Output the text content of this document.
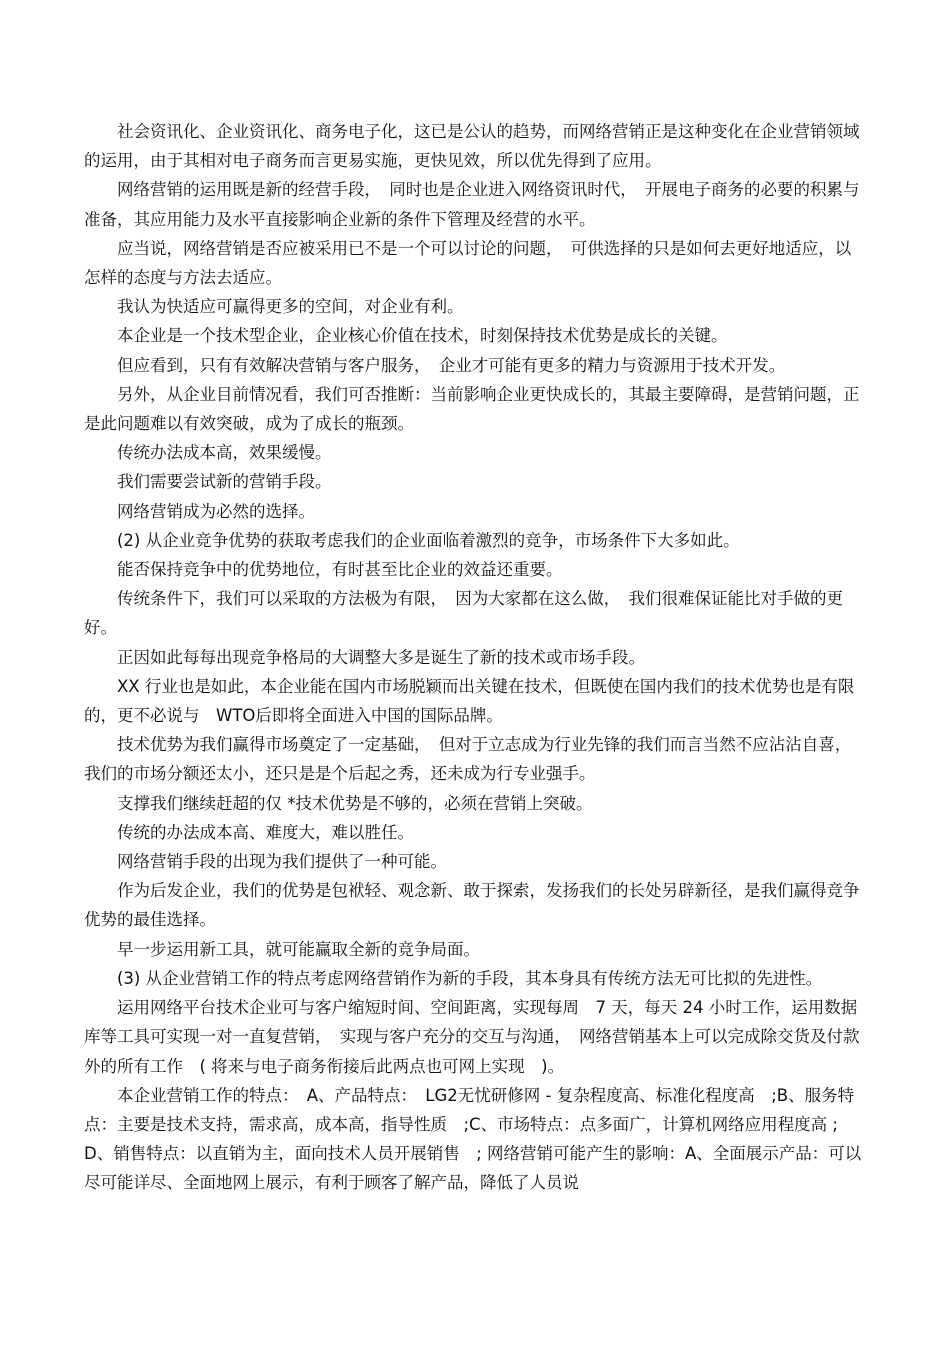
社会资讯化、企业资讯化、商务电子化，这已是公认的趋势，而网络营销正是这种变化在企业营销领域的运用，由于其相对电子商务而言更易实施，更快见效，所以优先得到了应用。

网络营销的运用既是新的经营手段，　同时也是企业进入网络资讯时代，　开展电子商务的必要的积累与准备，其应用能力及水平直接影响企业新的条件下管理及经营的水平。

应当说，网络营销是否应被采用已不是一个可以讨论的问题，　可供选择的只是如何去更好地适应，以怎样的态度与方法去适应。

我认为快适应可赢得更多的空间，对企业有利。

本企业是一个技术型企业，企业核心价值在技术，时刻保持技术优势是成长的关键。

但应看到，只有有效解决营销与客户服务，　企业才可能有更多的精力与资源用于技术开发。

另外，从企业目前情况看，我们可否推断：当前影响企业更快成长的，其最主要障碍，是营销问题，正是此问题难以有效突破，成为了成长的瓶颈。

传统办法成本高，效果缓慢。

我们需要尝试新的营销手段。

网络营销成为必然的选择。

(2) 从企业竞争优势的获取考虑我们的企业面临着激烈的竞争，市场条件下大多如此。

能否保持竞争中的优势地位，有时甚至比企业的效益还重要。

传统条件下，我们可以采取的方法极为有限，　因为大家都在这么做，　我们很难保证能比对手做的更好。

正因如此每每出现竞争格局的大调整大多是诞生了新的技术或市场手段。

XX 行业也是如此，本企业能在国内市场脱颖而出关键在技术，但既使在国内我们的技术优势也是有限的，更不必说与　WTO后即将全面进入中国的国际品牌。

技术优势为我们赢得市场奠定了一定基础，　但对于立志成为行业先锋的我们而言当然不应沾沾自喜，我们的市场分额还太小，还只是是个后起之秀，还未成为行专业强手。

支撑我们继续赶超的仅 *技术优势是不够的，必须在营销上突破。

传统的办法成本高、难度大，难以胜任。

网络营销手段的出现为我们提供了一种可能。

作为后发企业，我们的优势是包袱轻、观念新、敢于探索，发扬我们的长处另辟新径，是我们赢得竞争优势的最佳选择。

早一步运用新工具，就可能赢取全新的竞争局面。

(3) 从企业营销工作的特点考虑网络营销作为新的手段，其本身具有传统方法无可比拟的先进性。

运用网络平台技术企业可与客户缩短时间、空间距离，实现每周　7 天，每天 24 小时工作，运用数据库等工具可实现一对一直复营销，　实现与客户充分的交互与沟通，　网络营销基本上可以完成除交货及付款外的所有工作　( 将来与电子商务衔接后此两点也可网上实现　)。

本企业营销工作的特点：　A、产品特点：　LG2无忧研修网 - 复杂程度高、标准化程度高　;B、服务特点：主要是技术支持，需求高，成本高，指导性质　;C、市场特点：点多面广，计算机网络应用程度高 ;D、销售特点：以直销为主，面向技术人员开展销售　; 网络营销可能产生的影响：A、全面展示产品：可以尽可能详尽、全面地网上展示，有利于顾客了解产品，降低了人员说
